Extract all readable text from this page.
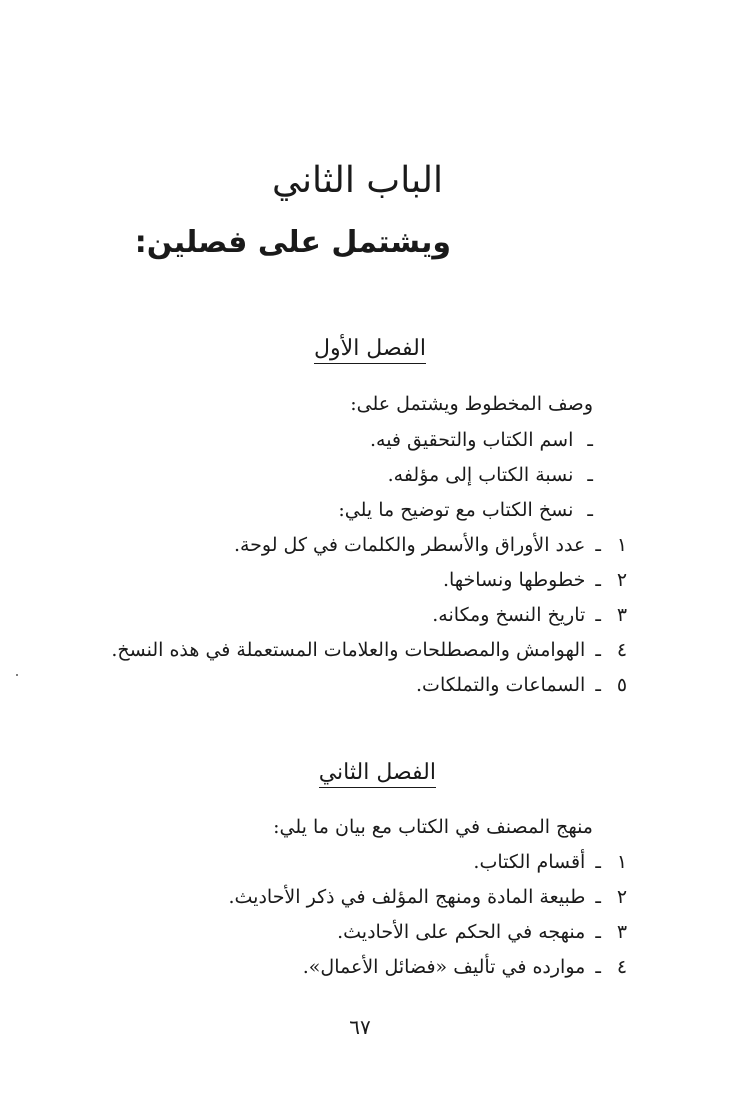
الباب الثاني
ويشتمل على فصلين:
الفصل الأول
وصف المخطوط ويشتمل على:
ـ اسم الكتاب والتحقيق فيه.
ـ نسبة الكتاب إلى مؤلفه.
ـ نسخ الكتاب مع توضيح ما يلي:
١ ـ عدد الأوراق والأسطر والكلمات في كل لوحة.
٢ ـ خطوطها ونساخها.
٣ ـ تاريخ النسخ ومكانه.
٤ ـ الهوامش والمصطلحات والعلامات المستعملة في هذه النسخ.
٥ ـ السماعات والتملكات.
الفصل الثاني
منهج المصنف في الكتاب مع بيان ما يلي:
١ ـ أقسام الكتاب.
٢ ـ طبيعة المادة ومنهج المؤلف في ذكر الأحاديث.
٣ ـ منهجه في الحكم على الأحاديث.
٤ ـ موارده في تأليف «فضائل الأعمال».
٦٧
